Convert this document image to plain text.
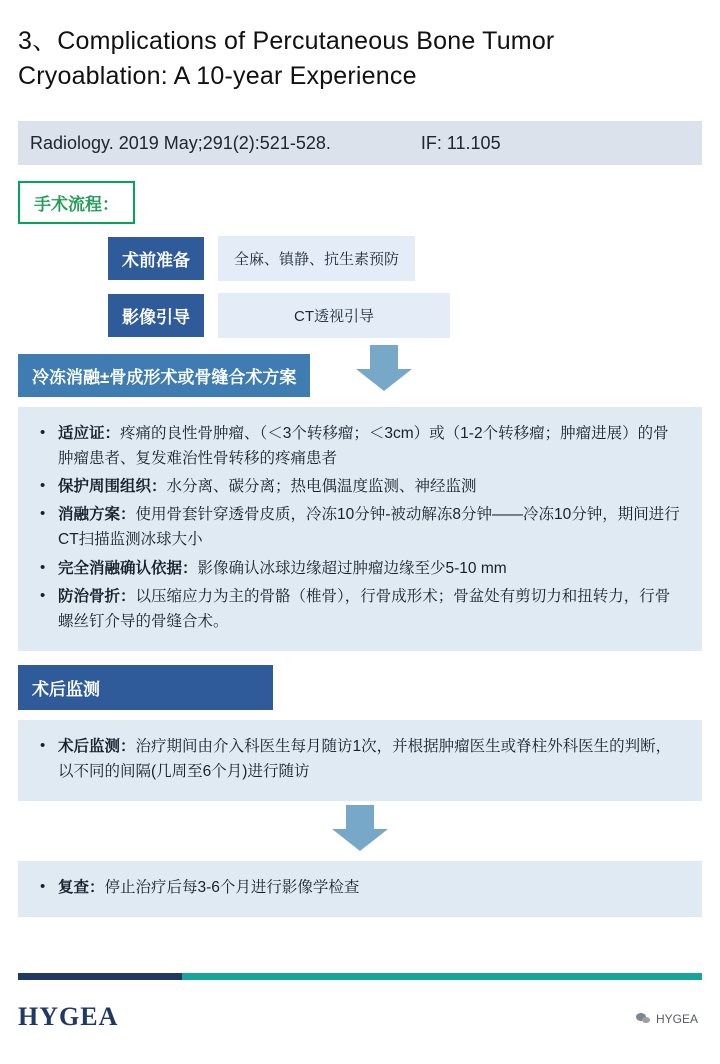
3、Complications of Percutaneous Bone Tumor Cryoablation: A 10-year Experience
Radiology. 2019 May;291(2):521-528.	IF: 11.105
手术流程：
术前准备	全麻、镇静、抗生素预防
影像引导	CT透视引导
冷冻消融±骨成形术或骨缝合术方案
• 适应证：疼痛的良性骨肿瘤、（＜3个转移瘤；＜3cm）或（1-2个转移瘤；肿瘤进展）的骨肿瘤患者、复发难治性骨转移的疼痛患者
• 保护周围组织：水分离、碳分离；热电偶温度监测、神经监测
• 消融方案：使用骨套针穿透骨皮质，冷冻10分钟-被动解冻8分钟——冷冻10分钟，期间进行CT扫描监测冰球大小
• 完全消融确认依据：影像确认冰球边缘超过肿瘤边缘至少5-10 mm
• 防治骨折：以压缩应力为主的骨骼（椎骨），行骨成形术；骨盆处有剪切力和扭转力，行骨螺丝钉介导的骨缝合术。
术后监测
• 术后监测：治疗期间由介入科医生每月随访1次，并根据肿瘤医生或脊柱外科医生的判断，以不同的间隔(几周至6个月)进行随访
• 复查：停止治疗后每3-6个月进行影像学检查
HYGEA	HYGEA
